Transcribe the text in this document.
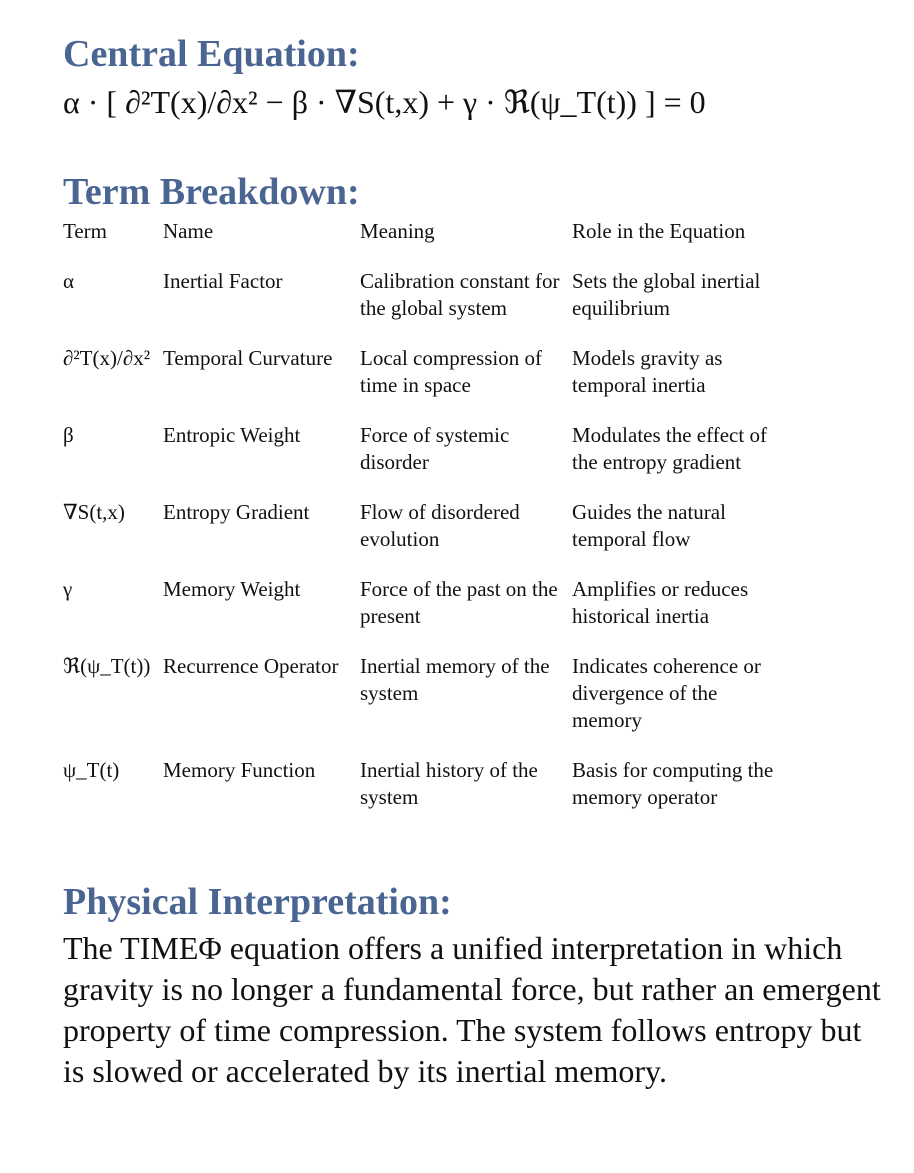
Central Equation:
α · [ ∂²T(x)/∂x² − β · ∇S(t,x) + γ · ℜ(ψ_T(t)) ] = 0
Term Breakdown:
Term	Name	Meaning	Role in the Equation
α	Inertial Factor	Calibration constant for the global system	Sets the global inertial equilibrium
∂²T(x)/∂x²	Temporal Curvature	Local compression of time in space	Models gravity as temporal inertia
β	Entropic Weight	Force of systemic disorder	Modulates the effect of the entropy gradient
∇S(t,x)	Entropy Gradient	Flow of disordered evolution	Guides the natural temporal flow
γ	Memory Weight	Force of the past on the present	Amplifies or reduces historical inertia
ℜ(ψ_T(t))	Recurrence Operator	Inertial memory of the system	Indicates coherence or divergence of the memory
ψ_T(t)	Memory Function	Inertial history of the system	Basis for computing the memory operator
Physical Interpretation:

The TIMEΦ equation offers a unified interpretation in which gravity is no longer a fundamental force, but rather an emergent property of time compression. The system follows entropy but is slowed or accelerated by its inertial memory.
